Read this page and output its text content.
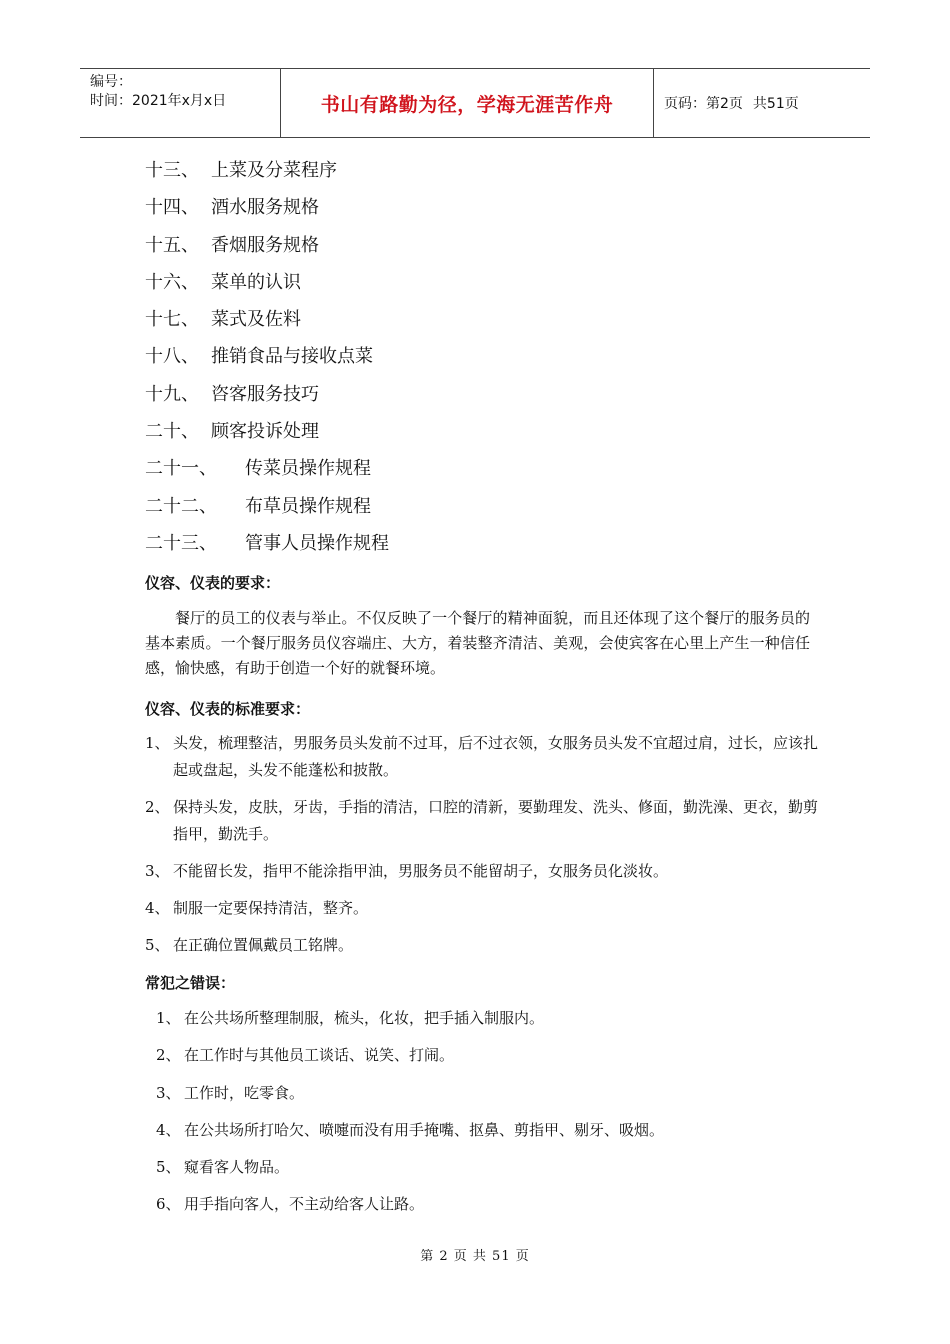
编号：
时间：2021年x月x日	书山有路勤为径，学海无涯苦作舟	页码：第2页 共51页
十三、 上菜及分菜程序
十四、 酒水服务规格
十五、 香烟服务规格
十六、 菜单的认识
十七、 菜式及佐料
十八、 推销食品与接收点菜
十九、 咨客服务技巧
二十、 顾客投诉处理
二十一、	传菜员操作规程
二十二、	布草员操作规程
二十三、	管事人员操作规程
仪容、仪表的要求：
餐厅的员工的仪表与举止。不仅反映了一个餐厅的精神面貌，而且还体现了这个餐厅的服务员的基本素质。一个餐厅服务员仪容端庄、大方，着装整齐清洁、美观，会使宾客在心里上产生一种信任感，愉快感，有助于创造一个好的就餐环境。
仪容、仪表的标准要求：
1、 头发，梳理整洁，男服务员头发前不过耳，后不过衣领，女服务员头发不宜超过肩，过长，应该扎起或盘起，头发不能蓬松和披散。
2、 保持头发，皮肤，牙齿，手指的清洁，口腔的清新，要勤理发、洗头、修面，勤洗澡、更衣，勤剪指甲，勤洗手。
3、 不能留长发，指甲不能涂指甲油，男服务员不能留胡子，女服务员化淡妆。
4、 制服一定要保持清洁，整齐。
5、 在正确位置佩戴员工铭牌。
常犯之错误：
1、 在公共场所整理制服，梳头，化妆，把手插入制服内。
2、 在工作时与其他员工谈话、说笑、打闹。
3、 工作时，吃零食。
4、 在公共场所打哈欠、喷嚏而没有用手掩嘴、抠鼻、剪指甲、剔牙、吸烟。
5、 窥看客人物品。
6、 用手指向客人，不主动给客人让路。
第 2 页 共 51 页
